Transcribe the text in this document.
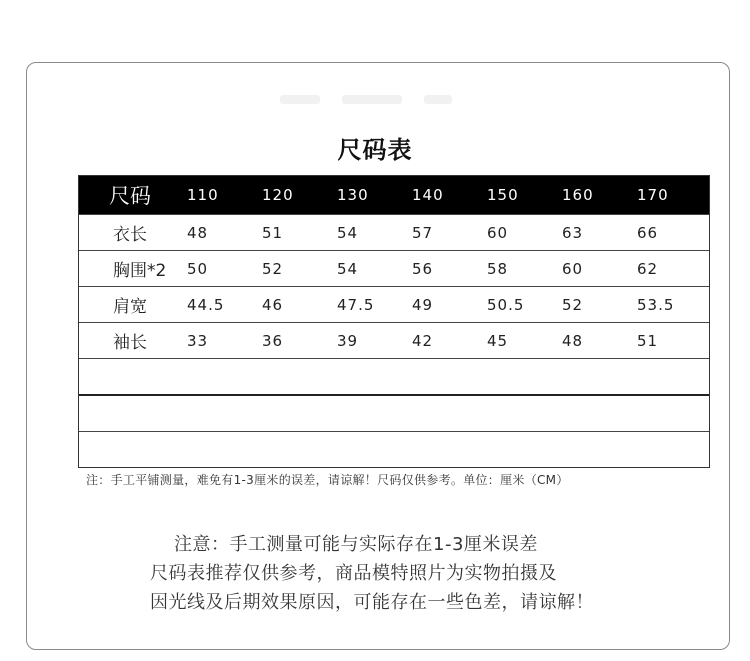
尺码表
尺码	110	120	130	140	150	160	170
衣长	48	51	54	57	60	63	66
胸围*2	50	52	54	56	58	60	62
肩宽	44.5	46	47.5	49	50.5	52	53.5
袖长	33	36	39	42	45	48	51
注：手工平铺测量，难免有1-3厘米的误差，请谅解！尺码仅供参考。单位：厘米（CM）
注意：手工测量可能与实际存在1-3厘米误差
尺码表推荐仅供参考，商品模特照片为实物拍摄及
因光线及后期效果原因，可能存在一些色差，请谅解！
